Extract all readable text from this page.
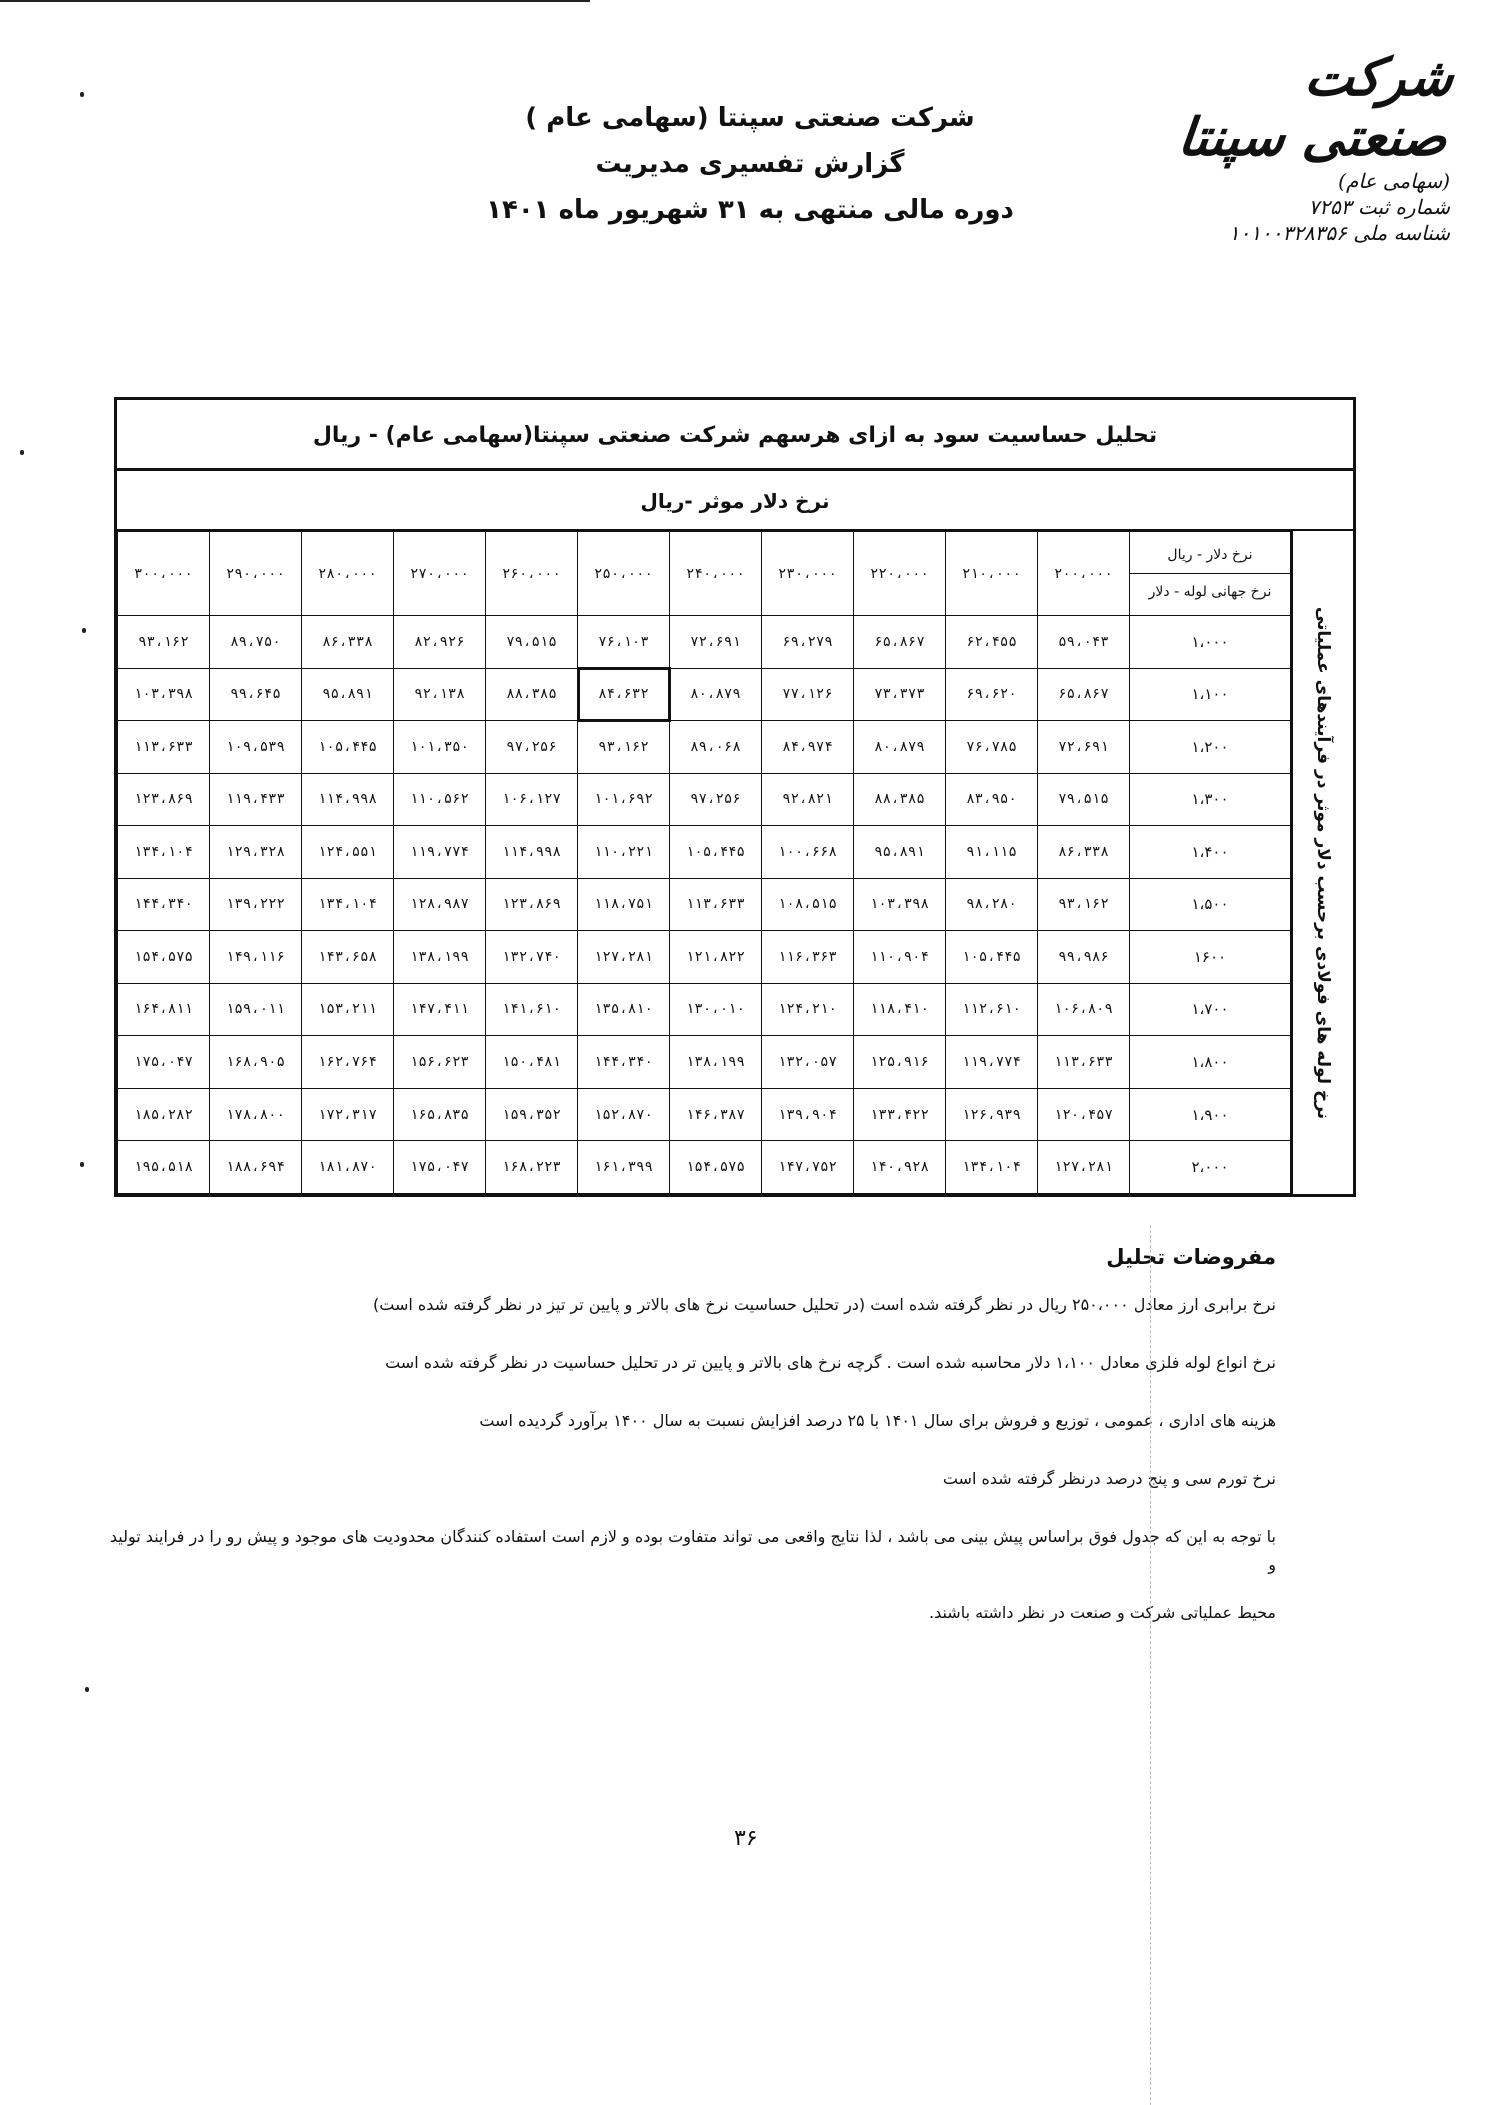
شرکت صنعتی سپنتا
(سهامی عام)
شماره ثبت ۷۲۵۳
شناسه ملی ۱۰۱۰۰۳۲۸۳۵۶
شرکت صنعتی سپنتا (سهامی عام )
گزارش تفسیری مدیریت
دوره مالی منتهی به ۳۱ شهریور ماه ۱۴۰۱
تحلیل حساسیت سود به ازای هرسهم شرکت صنعتی سپنتا(سهامی عام) - ریال
نرخ دلار موثر -ریال
۳۰۰،۰۰۰	۲۹۰،۰۰۰	۲۸۰،۰۰۰	۲۷۰،۰۰۰	۲۶۰،۰۰۰	۲۵۰،۰۰۰	۲۴۰،۰۰۰	۲۳۰،۰۰۰	۲۲۰،۰۰۰	۲۱۰،۰۰۰	۲۰۰،۰۰۰	نرخ دلار - ریال
نرخ جهانی لوله - دلار

۹۳،۱۶۲	۸۹،۷۵۰	۸۶،۳۳۸	۸۲،۹۲۶	۷۹،۵۱۵	۷۶،۱۰۳	۷۲،۶۹۱	۶۹،۲۷۹	۶۵،۸۶۷	۶۲،۴۵۵	۵۹،۰۴۳	۱،۰۰۰
۱۰۳،۳۹۸	۹۹،۶۴۵	۹۵،۸۹۱	۹۲،۱۳۸	۸۸،۳۸۵	۸۴،۶۳۲	۸۰،۸۷۹	۷۷،۱۲۶	۷۳،۳۷۳	۶۹،۶۲۰	۶۵،۸۶۷	۱،۱۰۰
۱۱۳،۶۳۳	۱۰۹،۵۳۹	۱۰۵،۴۴۵	۱۰۱،۳۵۰	۹۷،۲۵۶	۹۳،۱۶۲	۸۹،۰۶۸	۸۴،۹۷۴	۸۰،۸۷۹	۷۶،۷۸۵	۷۲،۶۹۱	۱،۲۰۰
۱۲۳،۸۶۹	۱۱۹،۴۳۳	۱۱۴،۹۹۸	۱۱۰،۵۶۲	۱۰۶،۱۲۷	۱۰۱،۶۹۲	۹۷،۲۵۶	۹۲،۸۲۱	۸۸،۳۸۵	۸۳،۹۵۰	۷۹،۵۱۵	۱،۳۰۰
۱۳۴،۱۰۴	۱۲۹،۳۲۸	۱۲۴،۵۵۱	۱۱۹،۷۷۴	۱۱۴،۹۹۸	۱۱۰،۲۲۱	۱۰۵،۴۴۵	۱۰۰،۶۶۸	۹۵،۸۹۱	۹۱،۱۱۵	۸۶،۳۳۸	۱،۴۰۰
۱۴۴،۳۴۰	۱۳۹،۲۲۲	۱۳۴،۱۰۴	۱۲۸،۹۸۷	۱۲۳،۸۶۹	۱۱۸،۷۵۱	۱۱۳،۶۳۳	۱۰۸،۵۱۵	۱۰۳،۳۹۸	۹۸،۲۸۰	۹۳،۱۶۲	۱،۵۰۰
۱۵۴،۵۷۵	۱۴۹،۱۱۶	۱۴۳،۶۵۸	۱۳۸،۱۹۹	۱۳۲،۷۴۰	۱۲۷،۲۸۱	۱۲۱،۸۲۲	۱۱۶،۳۶۳	۱۱۰،۹۰۴	۱۰۵،۴۴۵	۹۹،۹۸۶	۱۶۰۰
۱۶۴،۸۱۱	۱۵۹،۰۱۱	۱۵۳،۲۱۱	۱۴۷،۴۱۱	۱۴۱،۶۱۰	۱۳۵،۸۱۰	۱۳۰،۰۱۰	۱۲۴،۲۱۰	۱۱۸،۴۱۰	۱۱۲،۶۱۰	۱۰۶،۸۰۹	۱،۷۰۰
۱۷۵،۰۴۷	۱۶۸،۹۰۵	۱۶۲،۷۶۴	۱۵۶،۶۲۳	۱۵۰،۴۸۱	۱۴۴،۳۴۰	۱۳۸،۱۹۹	۱۳۲،۰۵۷	۱۲۵،۹۱۶	۱۱۹،۷۷۴	۱۱۳،۶۳۳	۱،۸۰۰
۱۸۵،۲۸۲	۱۷۸،۸۰۰	۱۷۲،۳۱۷	۱۶۵،۸۳۵	۱۵۹،۳۵۲	۱۵۲،۸۷۰	۱۴۶،۳۸۷	۱۳۹،۹۰۴	۱۳۳،۴۲۲	۱۲۶،۹۳۹	۱۲۰،۴۵۷	۱،۹۰۰
۱۹۵،۵۱۸	۱۸۸،۶۹۴	۱۸۱،۸۷۰	۱۷۵،۰۴۷	۱۶۸،۲۲۳	۱۶۱،۳۹۹	۱۵۴،۵۷۵	۱۴۷،۷۵۲	۱۴۰،۹۲۸	۱۳۴،۱۰۴	۱۲۷،۲۸۱	۲،۰۰۰
نرخ لوله های فولادی برحسب دلار موثر در فرآیندهای عملیاتی
مفروضات تحلیل

نرخ برابری ارز معادل ۲۵۰،۰۰۰ ریال در نظر گرفته شده است (در تحلیل حساسیت نرخ های بالاتر و پایین تر تیز در نظر گرفته شده است)

نرخ انواع لوله فلزی معادل ۱،۱۰۰ دلار محاسبه شده است . گرچه نرخ های بالاتر و پایین تر در تحلیل حساسیت در نظر گرفته شده است

هزینه های اداری ، عمومی ، توزیع و فروش برای سال ۱۴۰۱ با ۲۵ درصد افزایش نسبت به سال ۱۴۰۰ برآورد گردیده است

نرخ تورم سی و پنج درصد درنظر گرفته شده است

با توجه به این که جدول فوق براساس پیش بینی می باشد ، لذا نتایج واقعی می تواند متفاوت بوده و لازم است استفاده کنندگان محدودیت های موجود و پیش رو را در فرایند تولید و

محیط عملیاتی شرکت و صنعت در نظر داشته باشند.

۳۶
